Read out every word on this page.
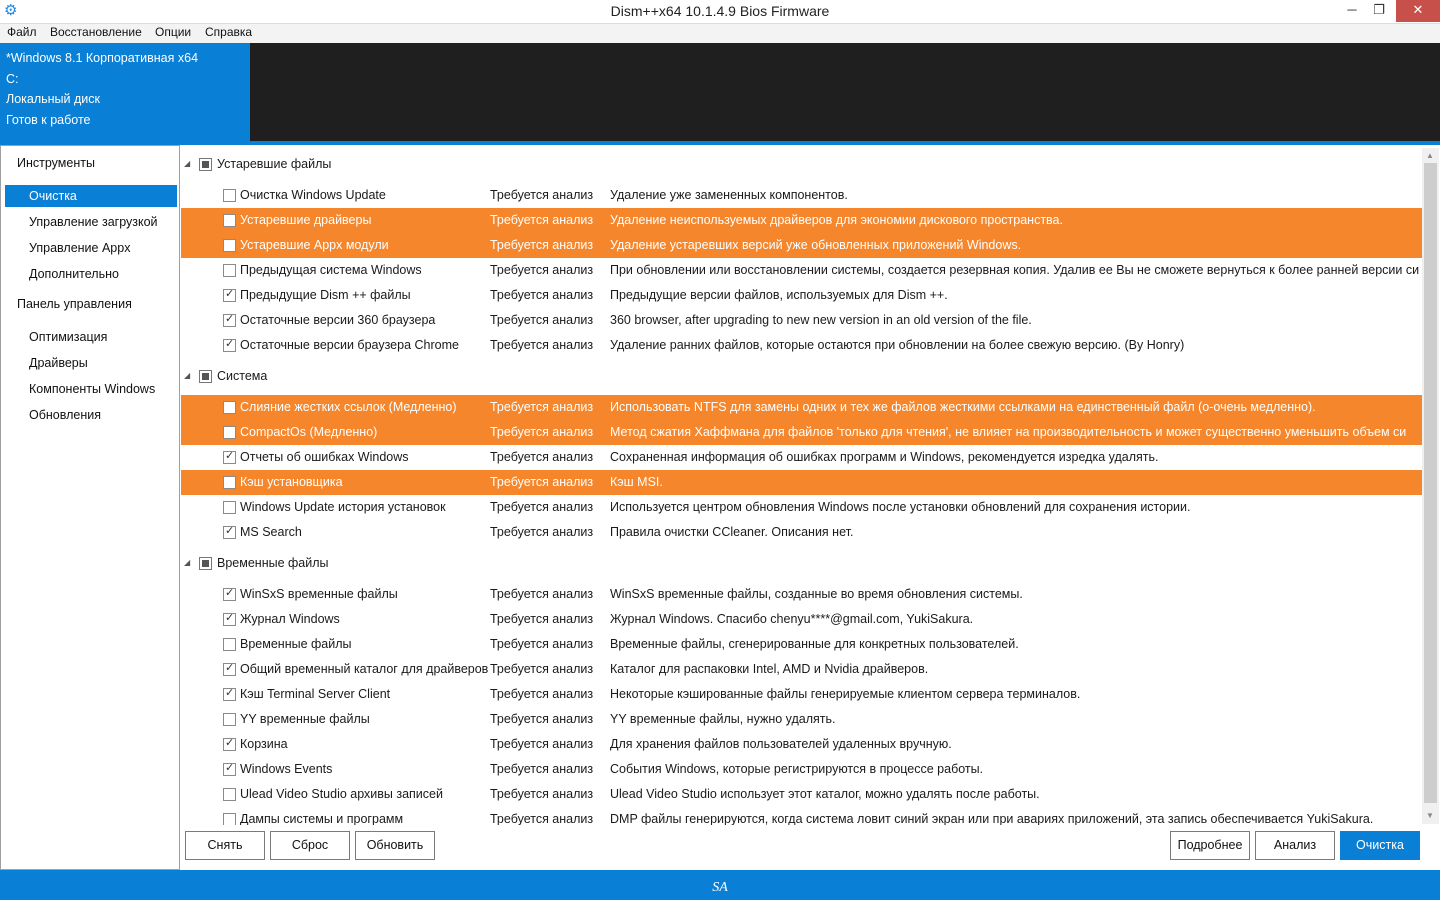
⚙	Dism++x64 10.1.4.9 Bios Firmware	─	❐	✕
Файл Восстановление Опции Справка
*Windows 8.1 Корпоративная x64
C:
Локальный диск
Готов к работе
Инструменты
Очистка
Управление загрузкой
Управление Appx
Дополнительно
Панель управления
Оптимизация
Драйверы
Компоненты Windows
Обновления
◢ Устаревшие файлы
Очистка Windows Update	Требуется анализ Удаление уже замененных компонентов.
Устаревшие драйверы	Требуется анализ Удаление неиспользуемых драйверов для экономии дискового пространства.
Устаревшие Appx модули	Требуется анализ Удаление устаревших версий уже обновленных приложений Windows.
Предыдущая система Windows	Требуется анализ При обновлении или восстановлении системы, создается резервная копия. Удалив ее Вы не сможете вернуться к более ранней версии си
✓
Предыдущие Dism ++ файлы	Требуется анализ Предыдущие версии файлов, используемых для Dism ++.
✓
Остаточные версии 360 браузера	Требуется анализ 360 browser, after upgrading to new new version in an old version of the file.
✓
Остаточные версии браузера Chrome Требуется анализ Удаление ранних файлов, которые остаются при обновлении на более свежую версию. (By Honry)
◢ Система
Слияние жестких ссылок (Медленно)	Требуется анализ Использовать NTFS для замены одних и тех же файлов жесткими ссылками на единственный файл (о-очень медленно).
CompactOs (Медленно)	Требуется анализ Метод сжатия Хаффмана для файлов 'только для чтения', не влияет на производительность и может существенно уменьшить объем си
✓
Отчеты об ошибках Windows	Требуется анализ Сохраненная информация об ошибках программ и Windows, рекомендуется изредка удалять.
Кэш установщика	Требуется анализ Кэш MSI.
Windows Update история установок	Требуется анализ Используется центром обновления Windows после установки обновлений для сохранения истории.
✓
MS Search	Требуется анализ Правила очистки CCleaner. Описания нет.
◢ Временные файлы
✓
WinSxS временные файлы	Требуется анализ WinSxS временные файлы, созданные во время обновления системы.
✓
Журнал Windows	Требуется анализ Журнал Windows. Спасибо chenyu****@gmail.com, YukiSakura.
Временные файлы	Требуется анализ Временные файлы, сгенерированные для конкретных пользователей.
✓
Общий временный каталог для драйверов Требуется анализ Каталог для распаковки Intel, AMD и Nvidia драйверов.
✓
Кэш Terminal Server Client	Требуется анализ Некоторые кэшированные файлы генерируемые клиентом сервера терминалов.
YY временные файлы	Требуется анализ YY временные файлы, нужно удалять.
✓
Корзина	Требуется анализ Для хранения файлов пользователей удаленных вручную.
✓
Windows Events	Требуется анализ События Windows, которые регистрируются в процессе работы.
Ulead Video Studio архивы записей	Требуется анализ Ulead Video Studio использует этот каталог, можно удалять после работы.
Дампы системы и программ	Требуется анализ DMP файлы генерируются, когда система ловит синий экран или при авариях приложений, эта запись обеспечивается YukiSakura.
▲
▼
Снять	Сброс	Обновить	Подробнее	Анализ	Очистка
SA
